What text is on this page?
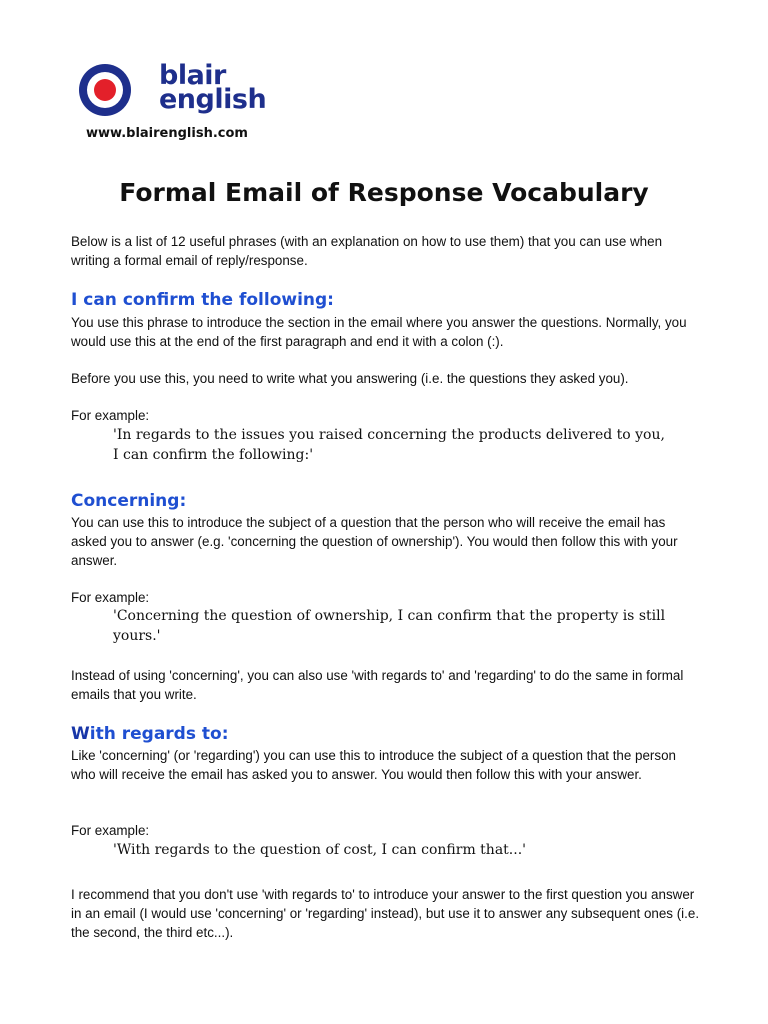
blair
english
www.blairenglish.com
Formal Email of Response Vocabulary

Below is a list of 12 useful phrases (with an explanation on how to use them) that you can use when writing a formal email of reply/response.

I can confirm the following:

You use this phrase to introduce the section in the email where you answer the questions. Normally, you would use this at the end of the first paragraph and end it with a colon (:).

Before you use this, you need to write what you answering (i.e. the questions they asked you).

For example:

'In regards to the issues you raised concerning the products delivered to you, I can confirm the following:'

Concerning:

You can use this to introduce the subject of a question that the person who will receive the email has asked you to answer (e.g. 'concerning the question of ownership'). You would then follow this with your answer.

For example:

'Concerning the question of ownership, I can confirm that the property is still yours.'

Instead of using 'concerning', you can also use 'with regards to' and 'regarding' to do the same in formal emails that you write.

With regards to:

Like 'concerning' (or 'regarding') you can use this to introduce the subject of a question that the person who will receive the email has asked you to answer. You would then follow this with your answer.

For example:

'With regards to the question of cost, I can confirm that...'

I recommend that you don't use 'with regards to' to introduce your answer to the first question you answer in an email (I would use 'concerning' or 'regarding' instead), but use it to answer any subsequent ones (i.e. the second, the third etc...).
